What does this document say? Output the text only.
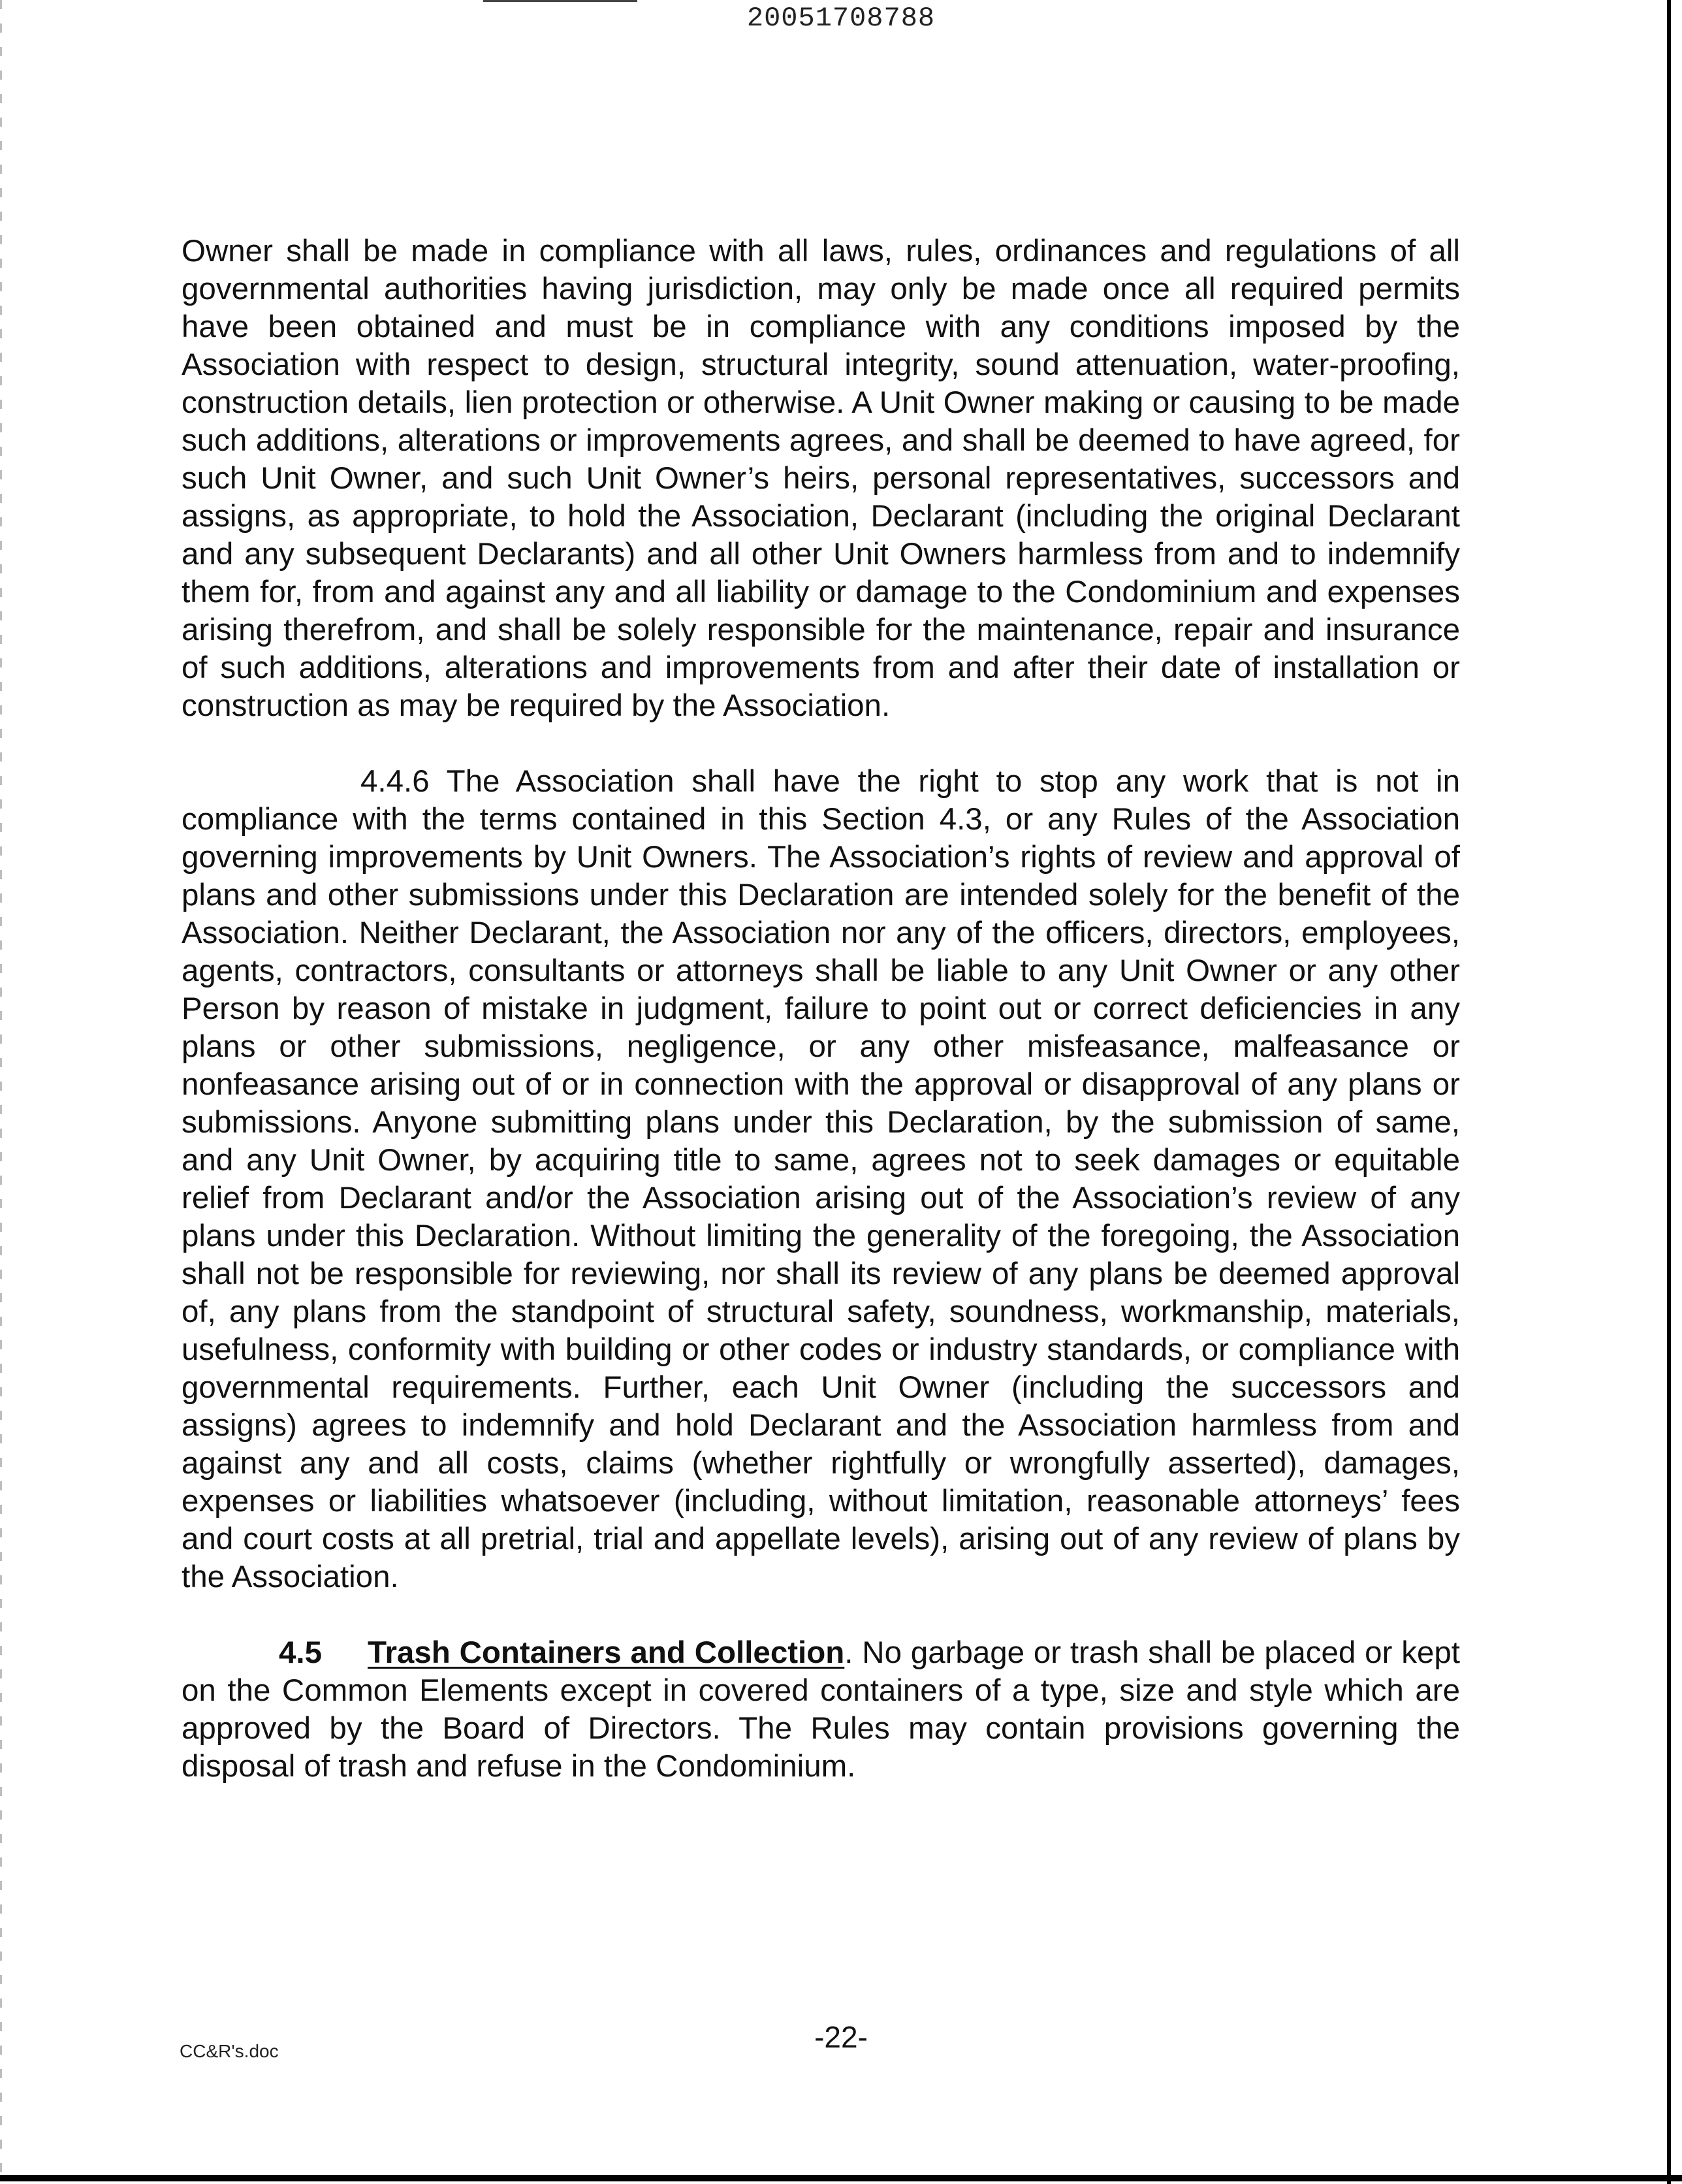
20051708788

Owner shall be made in compliance with all laws, rules, ordinances and regulations of all governmental authorities having jurisdiction, may only be made once all required permits have been obtained and must be in compliance with any conditions imposed by the Association with respect to design, structural integrity, sound attenuation, water-proofing, construction details, lien protection or otherwise. A Unit Owner making or causing to be made such additions, alterations or improvements agrees, and shall be deemed to have agreed, for such Unit Owner, and such Unit Owner’s heirs, personal representatives, successors and assigns, as appropriate, to hold the Association, Declarant (including the original Declarant and any subsequent Declarants) and all other Unit Owners harmless from and to indemnify them for, from and against any and all liability or damage to the Condominium and expenses arising therefrom, and shall be solely responsible for the maintenance, repair and insurance of such additions, alterations and improvements from and after their date of installation or construction as may be required by the Association.

4.4.6 The Association shall have the right to stop any work that is not in compliance with the terms contained in this Section 4.3, or any Rules of the Association governing improvements by Unit Owners. The Association’s rights of review and approval of plans and other submissions under this Declaration are intended solely for the benefit of the Association. Neither Declarant, the Association nor any of the officers, directors, employees, agents, contractors, consultants or attorneys shall be liable to any Unit Owner or any other Person by reason of mistake in judgment, failure to point out or correct deficiencies in any plans or other submissions, negligence, or any other misfeasance, malfeasance or nonfeasance arising out of or in connection with the approval or disapproval of any plans or submissions. Anyone submitting plans under this Declaration, by the submission of same, and any Unit Owner, by acquiring title to same, agrees not to seek damages or equitable relief from Declarant and/or the Association arising out of the Association’s review of any plans under this Declaration. Without limiting the generality of the foregoing, the Association shall not be responsible for reviewing, nor shall its review of any plans be deemed approval of, any plans from the standpoint of structural safety, soundness, workmanship, materials, usefulness, conformity with building or other codes or industry standards, or compliance with governmental requirements. Further, each Unit Owner (including the successors and assigns) agrees to indemnify and hold Declarant and the Association harmless from and against any and all costs, claims (whether rightfully or wrongfully asserted), damages, expenses or liabilities whatsoever (including, without limitation, reasonable attorneys’ fees and court costs at all pretrial, trial and appellate levels), arising out of any review of plans by the Association.

4.5 Trash Containers and Collection. No garbage or trash shall be placed or kept on the Common Elements except in covered containers of a type, size and style which are approved by the Board of Directors. The Rules may contain provisions governing the disposal of trash and refuse in the Condominium.

-22-
CC&R's.doc
